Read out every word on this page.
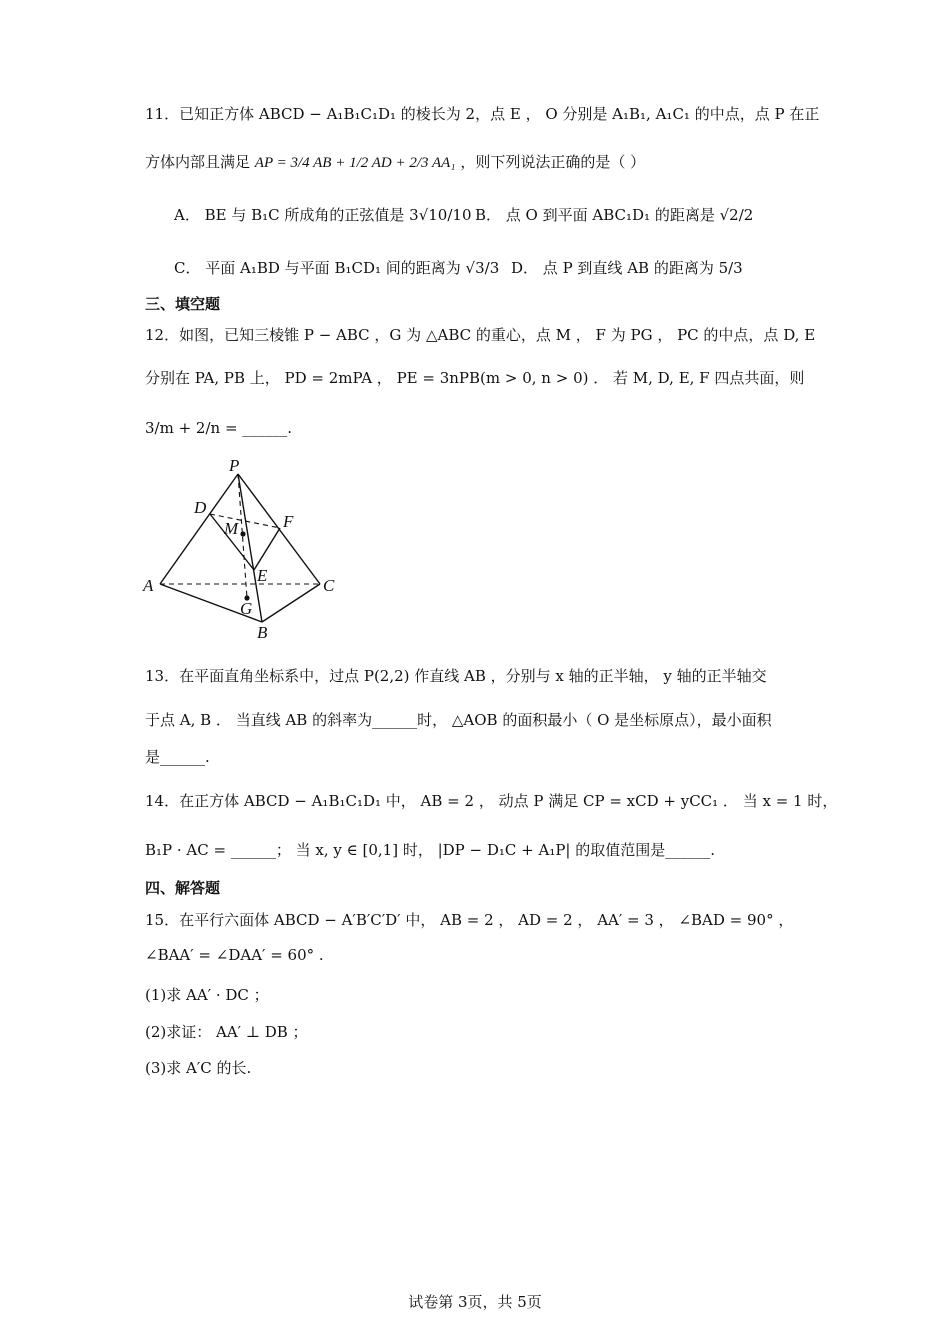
11．已知正方体 ABCD − A₁B₁C₁D₁ 的棱长为 2，点 E ， O 分别是 A₁B₁, A₁C₁ 的中点，点 P 在正
方体内部且满足 AP = 3/4 AB + 1/2 AD + 2/3 AA₁ ，则下列说法正确的是（ ）
A． BE 与 B₁C 所成角的正弦值是 3√10/10 B． 点 O 到平面 ABC₁D₁ 的距离是 √2/2
C． 平面 A₁BD 与平面 B₁CD₁ 间的距离为 √3/3 D． 点 P 到直线 AB 的距离为 5/3
三、填空题
12．如图，已知三棱锥 P − ABC ，G 为 △ABC 的重心，点 M ， F 为 PG ， PC 的中点，点 D, E
分别在 PA, PB 上， PD = 2mPA ， PE = 3nPB(m > 0, n > 0) ． 若 M, D, E, F 四点共面，则
3/m + 2/n = ______.
P
D
M	F
A
E
C
G
B
13．在平面直角坐标系中，过点 P(2,2) 作直线 AB ，分别与 x 轴的正半轴， y 轴的正半轴交
于点 A, B ． 当直线 AB 的斜率为______时， △AOB 的面积最小（ O 是坐标原点），最小面积
是______.
14．在正方体 ABCD − A₁B₁C₁D₁ 中， AB = 2 ， 动点 P 满足 CP = xCD + yCC₁ ． 当 x = 1 时，
B₁P · AC = ______； 当 x, y ∈ [0,1] 时， |DP − D₁C + A₁P| 的取值范围是______.
四、解答题
15．在平行六面体 ABCD − A′B′C′D′ 中， AB = 2 ， AD = 2 ， AA′ = 3 ， ∠BAD = 90° ，
∠BAA′ = ∠DAA′ = 60° .
(1)求 AA′ · DC ；
(2)求证： AA′ ⊥ DB ；
(3)求 A′C 的长.
试卷第 3页，共 5页
